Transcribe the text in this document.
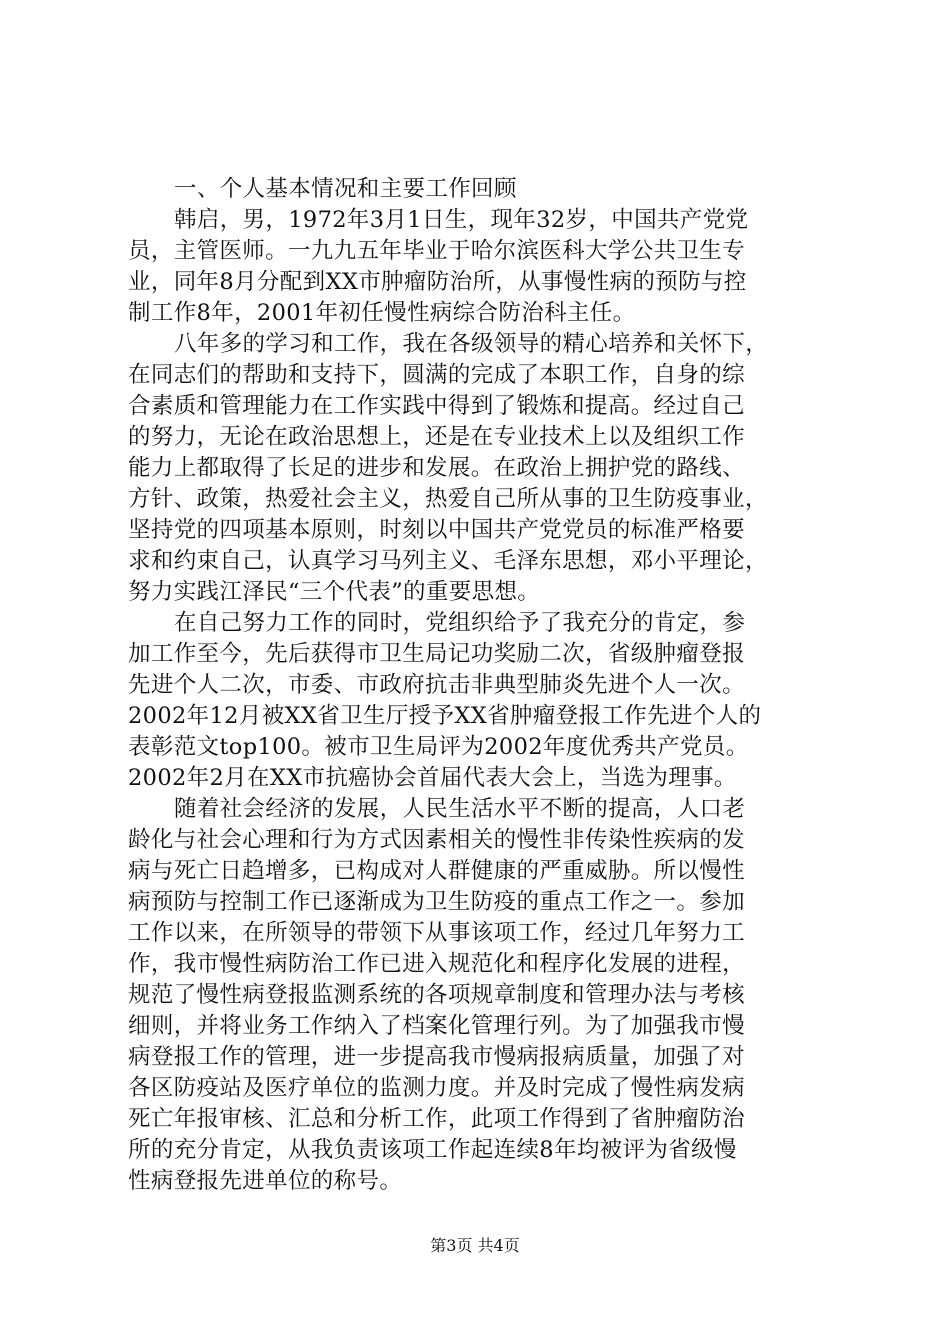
一、个人基本情况和主要工作回顾
韩启，男，1972年3月1日生，现年32岁，中国共产党党
员，主管医师。一九九五年毕业于哈尔滨医科大学公共卫生专
业，同年8月分配到XX市肿瘤防治所，从事慢性病的预防与控
制工作8年，2001年初任慢性病综合防治科主任。
八年多的学习和工作，我在各级领导的精心培养和关怀下，
在同志们的帮助和支持下，圆满的完成了本职工作，自身的综
合素质和管理能力在工作实践中得到了锻炼和提高。经过自己
的努力，无论在政治思想上，还是在专业技术上以及组织工作
能力上都取得了长足的进步和发展。在政治上拥护党的路线、
方针、政策，热爱社会主义，热爱自己所从事的卫生防疫事业，
坚持党的四项基本原则，时刻以中国共产党党员的标准严格要
求和约束自己，认真学习马列主义、毛泽东思想，邓小平理论，
努力实践江泽民“三个代表”的重要思想。
在自己努力工作的同时，党组织给予了我充分的肯定，参
加工作至今，先后获得市卫生局记功奖励二次，省级肿瘤登报
先进个人二次，市委、市政府抗击非典型肺炎先进个人一次。
2002年12月被XX省卫生厅授予XX省肿瘤登报工作先进个人的
表彰范文top100。被市卫生局评为2002年度优秀共产党员。
2002年2月在XX市抗癌协会首届代表大会上，当选为理事。
随着社会经济的发展，人民生活水平不断的提高，人口老
龄化与社会心理和行为方式因素相关的慢性非传染性疾病的发
病与死亡日趋增多，已构成对人群健康的严重威胁。所以慢性
病预防与控制工作已逐渐成为卫生防疫的重点工作之一。参加
工作以来，在所领导的带领下从事该项工作，经过几年努力工
作，我市慢性病防治工作已进入规范化和程序化发展的进程，
规范了慢性病登报监测系统的各项规章制度和管理办法与考核
细则，并将业务工作纳入了档案化管理行列。为了加强我市慢
病登报工作的管理，进一步提高我市慢病报病质量，加强了对
各区防疫站及医疗单位的监测力度。并及时完成了慢性病发病
死亡年报审核、汇总和分析工作，此项工作得到了省肿瘤防治
所的充分肯定，从我负责该项工作起连续8年均被评为省级慢
性病登报先进单位的称号。
第3页 共4页
